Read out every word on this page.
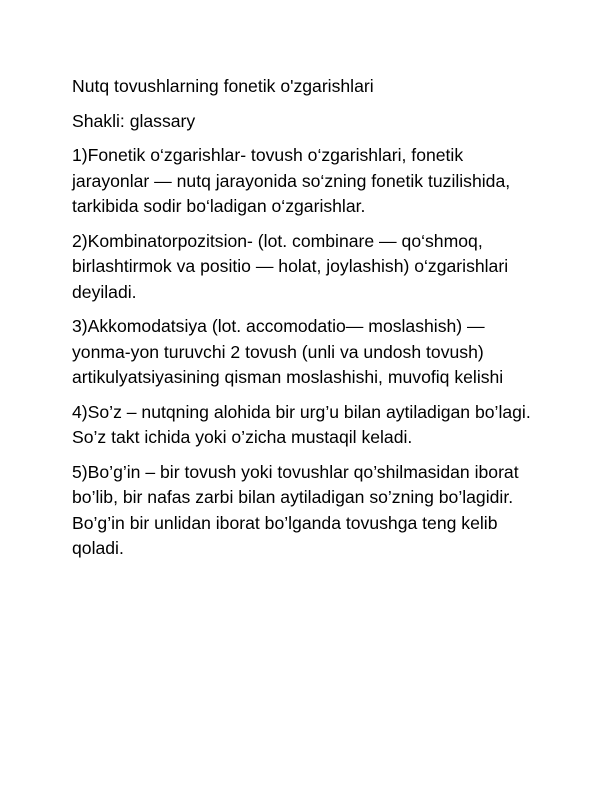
Nutq tovushlarning fonetik o'zgarishlari

Shakli: glassary

1)Fonetik o‘zgarishlar- tovush o‘zgarishlari, fonetik jarayonlar — nutq jarayonida so‘zning fonetik tuzilishida, tarkibida sodir bo‘ladigan o‘zgarishlar.

2)Kombinatorpozitsion- (lot. combinare — qo‘shmoq, birlashtirmok va positio — holat, joylashish) o‘zgarishlari deyiladi.

3)Akkomodatsiya (lot. accomodatio— moslashish) — yonma-yon turuvchi 2 tovush (unli va undosh tovush) artikulyatsiyasining qisman moslashishi, muvofiq kelishi

4)So’z – nutqning alohida bir urg’u bilan aytiladigan bo’lagi. So’z takt ichida yoki o’zicha mustaqil keladi.

5)Bo’g’in – bir tovush yoki tovushlar qo’shilmasidan iborat bo’lib, bir nafas zarbi bilan aytiladigan so’zning bo’lagidir. Bo’g’in bir unlidan iborat bo’lganda tovushga teng kelib qoladi.
